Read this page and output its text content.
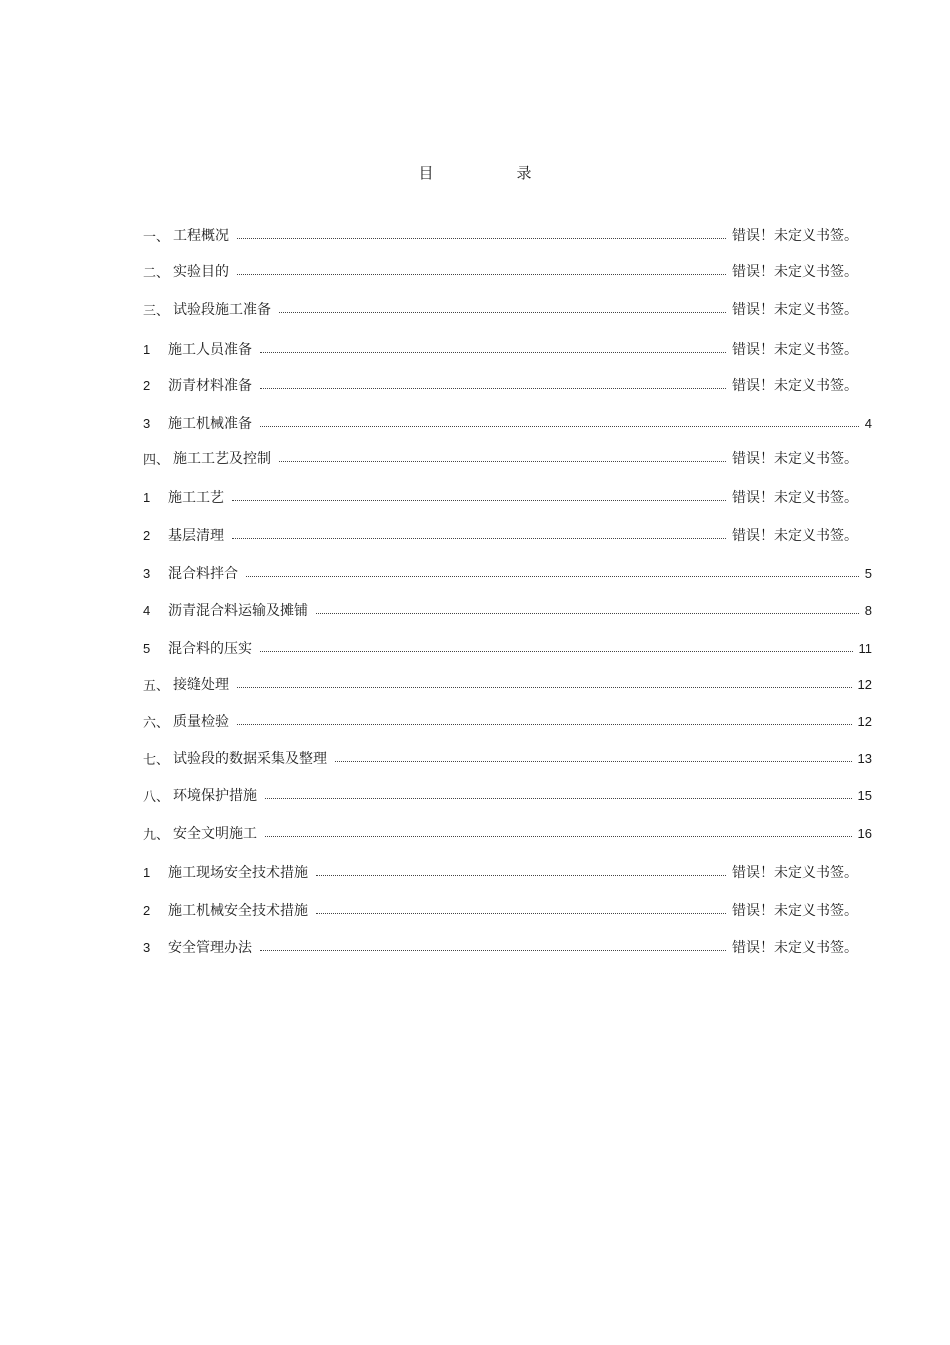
目　录
一、 工程概况	错误！未定义书签。
二、 实验目的	错误！未定义书签。
三、 试验段施工准备	错误！未定义书签。
1	施工人员准备	错误！未定义书签。
2	沥青材料准备	错误！未定义书签。
3	施工机械准备	4
四、 施工工艺及控制	错误！未定义书签。
1	施工工艺	错误！未定义书签。
2	基层清理	错误！未定义书签。
3	混合料拌合	5
4	沥青混合料运输及摊铺	8
5	混合料的压实	11
五、 接缝处理	12
六、 质量检验	12
七、 试验段的数据采集及整理	13
八、 环境保护措施	15
九、 安全文明施工	16
1	施工现场安全技术措施	错误！未定义书签。
2	施工机械安全技术措施	错误！未定义书签。
3	安全管理办法	错误！未定义书签。
